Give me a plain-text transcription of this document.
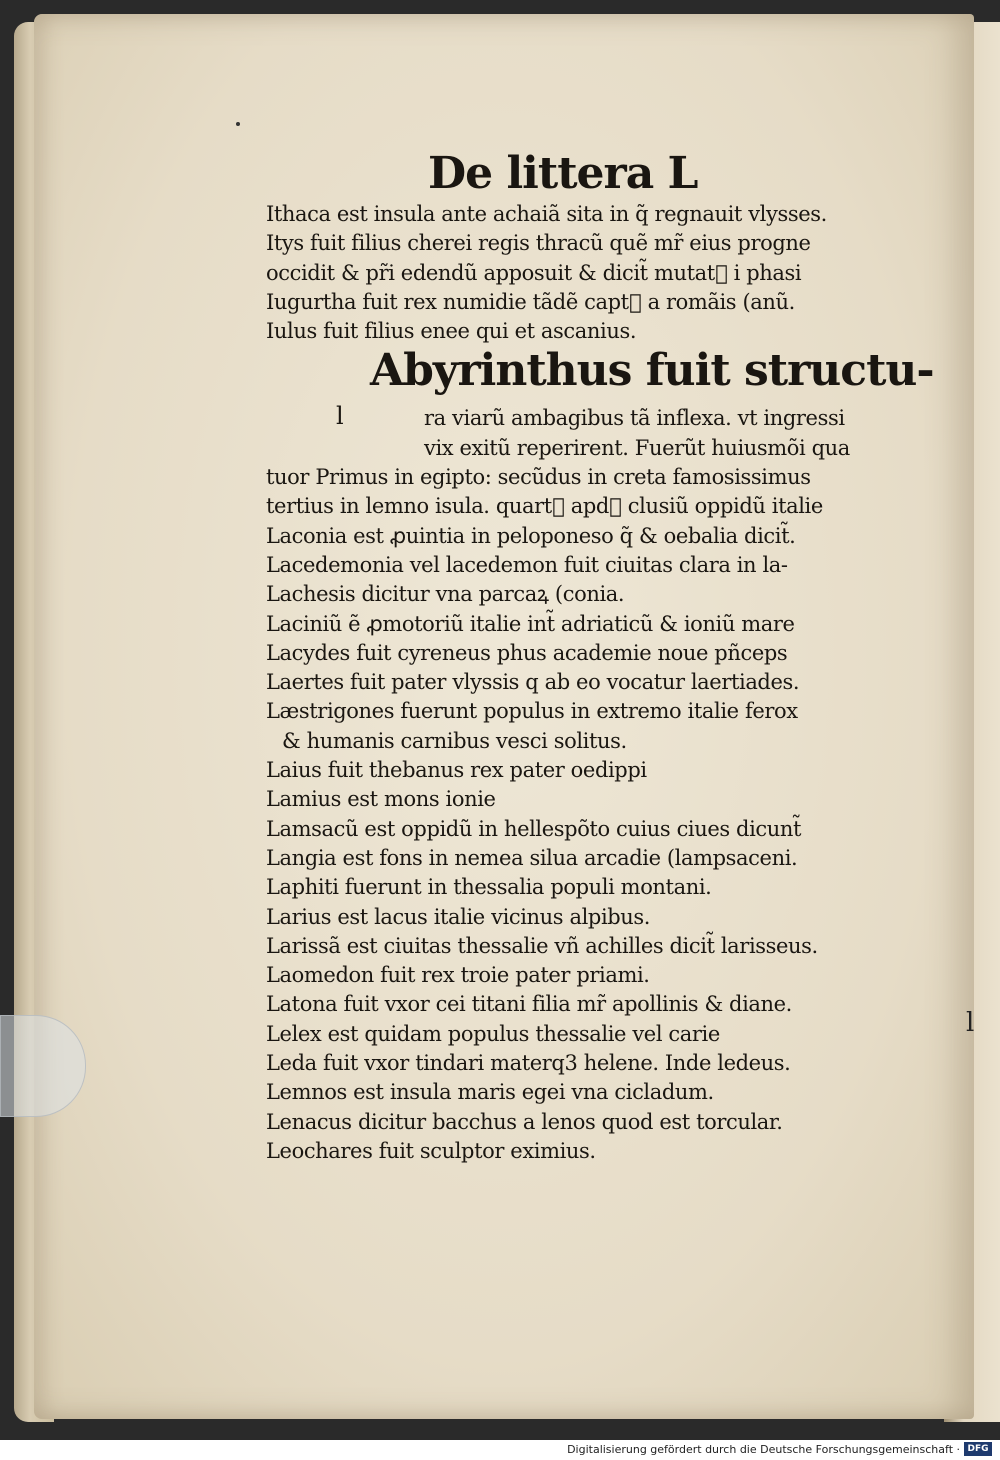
l
De littera L
Ithaca est insula ante achaiã sita in q̃ regnauit vlysses.
Itys fuit filius cherei regis thracũ quẽ mr̃ eius progne
occidit & pr̃i edendũ apposuit & dicit̃ mutat᷒ i phasi
Iugurtha fuit rex numidie tãdẽ capt᷒ a romãis (anũ.
Iulus fuit filius enee qui et ascanius.
Abyrinthus fuit structu-
l	ra viarũ ambagibus tã inflexa. vt ingressi
vix exitũ reperirent. Fuerũt huiusmõi qua
tuor Primus in egipto: secũdus in creta famosissimus
tertius in lemno isula. quart᷒ apd᷒ clusiũ oppidũ italie
Laconia est ꝓuintia in peloponeso q̃ & oebalia dicit̃.
Lacedemonia vel lacedemon fuit ciuitas clara in la-
Lachesis dicitur vna parcaꝝ (conia.
Laciniũ ẽ ꝓmotoriũ italie int̃ adriaticũ & ioniũ mare
Lacydes fuit cyreneus phus academie noue pñceps
Laertes fuit pater vlyssis q ab eo vocatur laertiades.
Læstrigones fuerunt populus in extremo italie ferox
& humanis carnibus vesci solitus.
Laius fuit thebanus rex pater oedippi
Lamius est mons ionie
Lamsacũ est oppidũ in hellespõto cuius ciues dicunt̃
Langia est fons in nemea silua arcadie (lampsaceni.
Laphiti fuerunt in thessalia populi montani.
Larius est lacus italie vicinus alpibus.
Larissã est ciuitas thessalie vñ achilles dicit̃ larisseus.
Laomedon fuit rex troie pater priami.
Latona fuit vxor cei titani filia mr̃ apollinis & diane.
Lelex est quidam populus thessalie vel carie
Leda fuit vxor tindari materq3 helene. Inde ledeus.
Lemnos est insula maris egei vna cicladum.
Lenacus dicitur bacchus a lenos quod est torcular.
Leochares fuit sculptor eximius.
Digitalisierung gefördert durch die Deutsche Forschungsgemeinschaft · DFG
